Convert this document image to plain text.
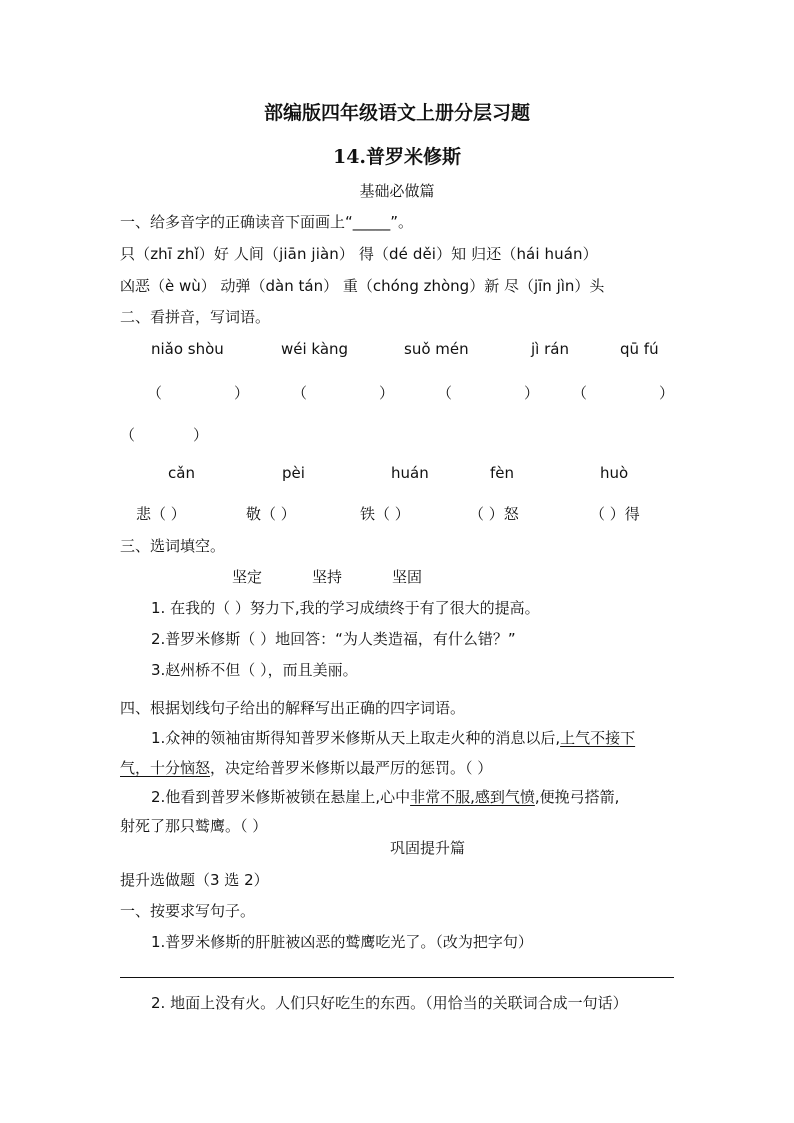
部编版四年级语文上册分层习题
14.普罗米修斯
基础必做篇
一、给多音字的正确读音下面画上“_____”。
只（zhī zhǐ）好 人间（jiān jiàn） 得（dé děi）知 归还（hái huán）
凶恶（è wù） 动弹（dàn tán） 重（chóng zhòng）新 尽（jīn jìn）头
二、看拼音，写词语。
niǎo shòu	wéi kàng	suǒ mén	jì rán	qū fú
（	）	（	）	（	） （	）
（	）
cǎn	pèi	huán	fèn	huò
悲（ ）	敬（ ）	铁（ ）	（ ）怒	（ ）得
三、选词填空。
坚定	坚持	坚固
1. 在我的（ ）努力下,我的学习成绩终于有了很大的提高。
2.普罗米修斯（ ）地回答：“为人类造福，有什么错？”
3.赵州桥不但（ ），而且美丽。
四、根据划线句子给出的解释写出正确的四字词语。
1.众神的领袖宙斯得知普罗米修斯从天上取走火种的消息以后,上气不接下
气，十分恼怒，决定给普罗米修斯以最严厉的惩罚。（ ）
2.他看到普罗米修斯被锁在悬崖上,心中非常不服,感到气愤,便挽弓搭箭,
射死了那只鹫鹰。（ ）
巩固提升篇
提升选做题（3 选 2）
一、按要求写句子。
1.普罗米修斯的肝脏被凶恶的鹫鹰吃光了。（改为把字句）
2. 地面上没有火。人们只好吃生的东西。（用恰当的关联词合成一句话）
